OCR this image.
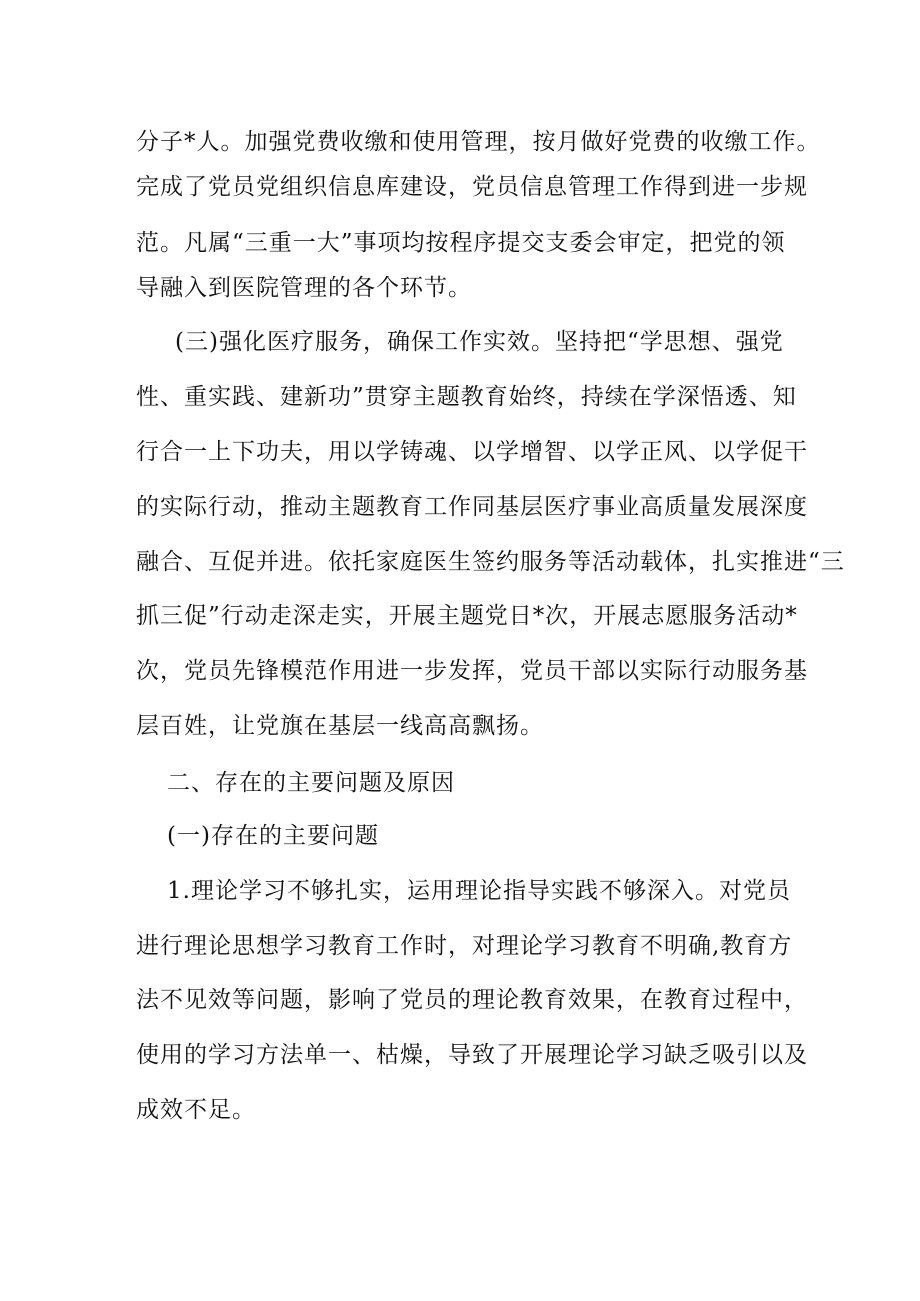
分子*人。加强党费收缴和使用管理，按月做好党费的收缴工作。
完成了党员党组织信息库建设，党员信息管理工作得到进一步规
范。凡属“三重一大”事项均按程序提交支委会审定，把党的领
导融入到医院管理的各个环节。
(三)强化医疗服务，确保工作实效。坚持把“学思想、强党
性、重实践、建新功”贯穿主题教育始终，持续在学深悟透、知
行合一上下功夫，用以学铸魂、以学增智、以学正风、以学促干
的实际行动，推动主题教育工作同基层医疗事业高质量发展深度
融合、互促并进。依托家庭医生签约服务等活动载体，扎实推进“三
抓三促”行动走深走实，开展主题党日*次，开展志愿服务活动*
次，党员先锋模范作用进一步发挥，党员干部以实际行动服务基
层百姓，让党旗在基层一线高高飘扬。
二、存在的主要问题及原因
(一)存在的主要问题
1.理论学习不够扎实，运用理论指导实践不够深入。对党员
进行理论思想学习教育工作时，对理论学习教育不明确,教育方
法不见效等问题，影响了党员的理论教育效果，在教育过程中，
使用的学习方法单一、枯燥，导致了开展理论学习缺乏吸引以及
成效不足。
